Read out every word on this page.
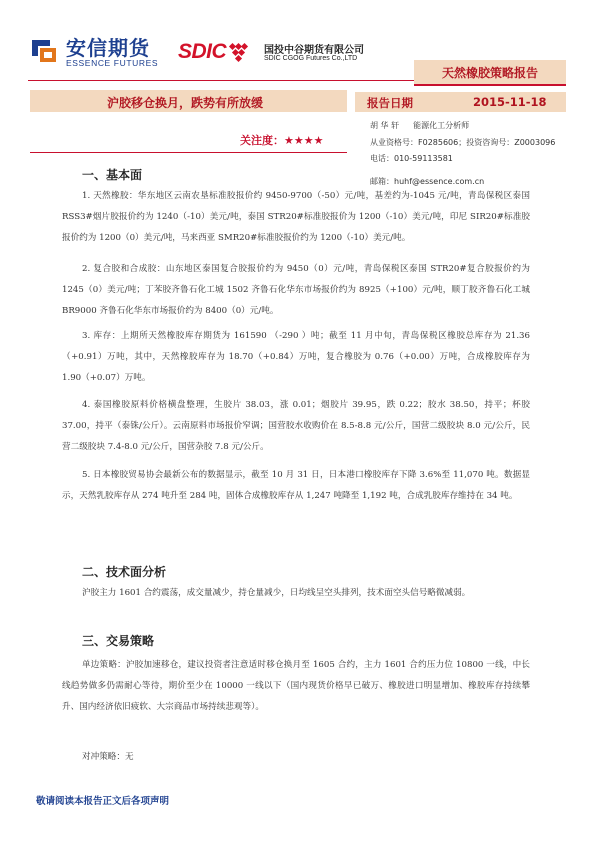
安信期货
ESSENCE FUTURES SDIC	国投中谷期货有限公司
SDIC CGOG Futures Co.,LTD
天然橡胶策略报告
沪胶移仓换月，跌势有所放缓
关注度：★★★★
报告日期	2015-11-18
胡 华 轩 能源化工分析师
从业资格号：F0285606；投资咨询号：Z0003096
电话：010-59113581
邮箱：huhf@essence.com.cn
一、基本面
1. 天然橡胶：华东地区云南农垦标准胶报价约 9450-9700（-50）元/吨，基差约为-1045 元/吨，青岛保税区泰国 RSS3#烟片胶报价约为 1240（-10）美元/吨，泰国 STR20#标准胶报价为 1200（-10）美元/吨，印尼 SIR20#标准胶报价约为 1200（0）美元/吨，马来西亚 SMR20#标准胶报价约为 1200（-10）美元/吨。
2. 复合胶和合成胶：山东地区泰国复合胶报价约为 9450（0）元/吨，青岛保税区泰国 STR20#复合胶报价约为 1245（0）美元/吨；丁苯胶齐鲁石化工城 1502 齐鲁石化华东市场报价约为 8925（+100）元/吨，顺丁胶齐鲁石化工城 BR9000 齐鲁石化华东市场报价约为 8400（0）元/吨。
3. 库存：上期所天然橡胶库存期货为 161590 （-290 ）吨；截至 11 月中旬，青岛保税区橡胶总库存为 21.36（+0.91）万吨，其中，天然橡胶库存为 18.70（+0.84）万吨，复合橡胶为 0.76（+0.00）万吨，合成橡胶库存为 1.90（+0.07）万吨。
4. 泰国橡胶原料价格横盘整理，生胶片 38.03，涨 0.01；烟胶片 39.95，跌 0.22；胶水 38.50，持平；杯胶 37.00，持平（泰铢/公斤）。云南原料市场报价窄调；国营胶水收购价在 8.5-8.8 元/公斤，国营二级胶块 8.0 元/公斤，民营二级胶块 7.4-8.0 元/公斤，国营杂胶 7.8 元/公斤。
5. 日本橡胶贸易协会最新公布的数据显示，截至 10 月 31 日，日本港口橡胶库存下降 3.6%至 11,070 吨。数据显示，天然乳胶库存从 274 吨升至 284 吨，固体合成橡胶库存从 1,247 吨降至 1,192 吨，合成乳胶库存维持在 34 吨。
二、技术面分析
沪胶主力 1601 合约震荡，成交量减少，持仓量减少，日均线呈空头排列，技术面空头信号略微减弱。
三、交易策略
单边策略：沪胶加速移仓，建议投资者注意适时移仓换月至 1605 合约，主力 1601 合约压力位 10800 一线，中长线趋势做多仍需耐心等待，期价至少在 10000 一线以下（国内现货价格早已破万、橡胶进口明显增加、橡胶库存持续攀升、国内经济依旧疲软、大宗商品市场持续悲观等）。
对冲策略：无
敬请阅读本报告正文后各项声明
